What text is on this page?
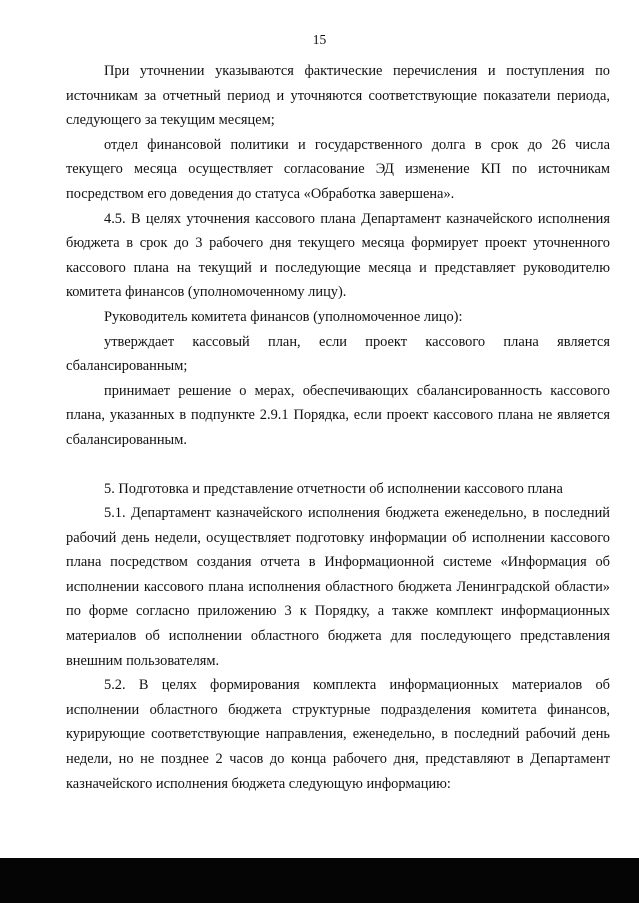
15

При уточнении указываются фактические перечисления и поступления по источникам за отчетный период и уточняются соответствующие показатели периода, следующего за текущим месяцем;

отдел финансовой политики и государственного долга в срок до 26 числа текущего месяца осуществляет согласование ЭД изменение КП по источникам посредством его доведения до статуса «Обработка завершена».

4.5. В целях уточнения кассового плана Департамент казначейского исполнения бюджета в срок до 3 рабочего дня текущего месяца формирует проект уточненного кассового плана на текущий и последующие месяца и представляет руководителю комитета финансов (уполномоченному лицу).

Руководитель комитета финансов (уполномоченное лицо):

утверждает кассовый план, если проект кассового плана является сбалансированным;

принимает решение о мерах, обеспечивающих сбалансированность кассового плана, указанных в подпункте 2.9.1 Порядка, если проект кассового плана не является сбалансированным.

5. Подготовка и представление отчетности об исполнении кассового плана

5.1. Департамент казначейского исполнения бюджета еженедельно, в последний рабочий день недели, осуществляет подготовку информации об исполнении кассового плана посредством создания отчета в Информационной системе «Информация об исполнении кассового плана исполнения областного бюджета Ленинградской области» по форме согласно приложению 3 к Порядку, а также комплект информационных материалов об исполнении областного бюджета для последующего представления внешним пользователям.

5.2. В целях формирования комплекта информационных материалов об исполнении областного бюджета структурные подразделения комитета финансов, курирующие соответствующие направления, еженедельно, в последний рабочий день недели, но не позднее 2 часов до конца рабочего дня, представляют в Департамент казначейского исполнения бюджета следующую информацию:
